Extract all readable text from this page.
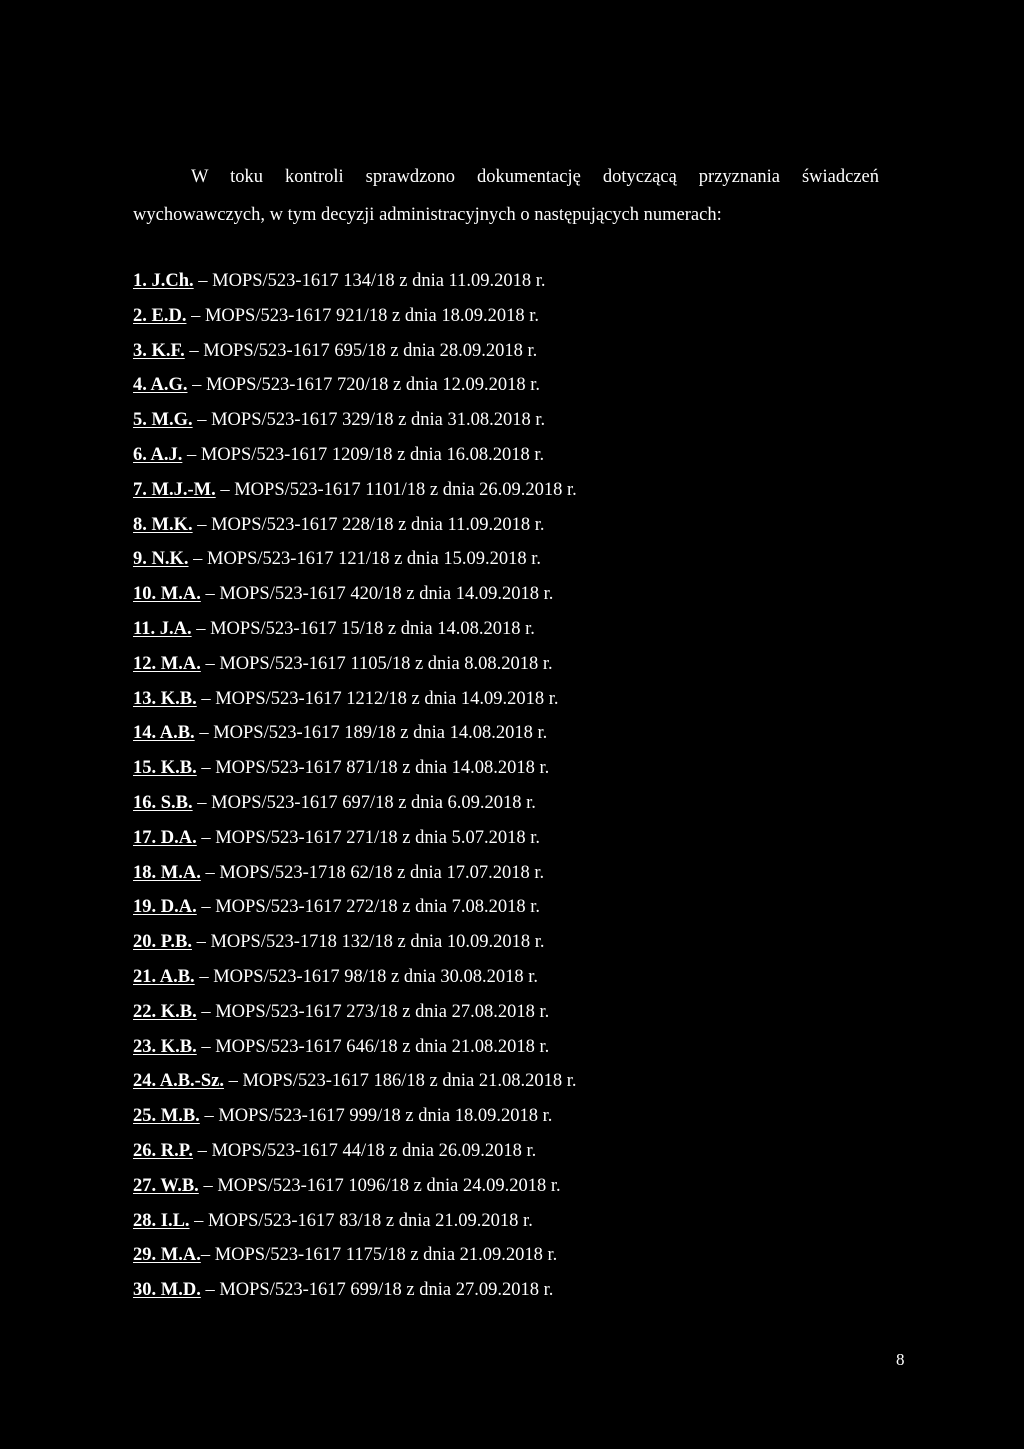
W toku kontroli sprawdzono dokumentację dotyczącą przyznania świadczeń
wychowawczych, w tym decyzji administracyjnych o następujących numerach:

1. J.Ch. – MOPS/523-1617 134/18 z dnia 11.09.2018 r.
2. E.D. – MOPS/523-1617 921/18 z dnia 18.09.2018 r.
3. K.F. – MOPS/523-1617 695/18 z dnia 28.09.2018 r.
4. A.G. – MOPS/523-1617 720/18 z dnia 12.09.2018 r.
5. M.G. – MOPS/523-1617 329/18 z dnia 31.08.2018 r.
6. A.J. – MOPS/523-1617 1209/18 z dnia 16.08.2018 r.
7. M.J.-M. – MOPS/523-1617 1101/18 z dnia 26.09.2018 r.
8. M.K. – MOPS/523-1617 228/18 z dnia 11.09.2018 r.
9. N.K. – MOPS/523-1617 121/18 z dnia 15.09.2018 r.
10. M.A. – MOPS/523-1617 420/18 z dnia 14.09.2018 r.
11. J.A. – MOPS/523-1617 15/18 z dnia 14.08.2018 r.
12. M.A. – MOPS/523-1617 1105/18 z dnia 8.08.2018 r.
13. K.B. – MOPS/523-1617 1212/18 z dnia 14.09.2018 r.
14. A.B. – MOPS/523-1617 189/18 z dnia 14.08.2018 r.
15. K.B. – MOPS/523-1617 871/18 z dnia 14.08.2018 r.
16. S.B. – MOPS/523-1617 697/18 z dnia 6.09.2018 r.
17. D.A. – MOPS/523-1617 271/18 z dnia 5.07.2018 r.
18. M.A. – MOPS/523-1718 62/18 z dnia 17.07.2018 r.
19. D.A. – MOPS/523-1617 272/18 z dnia 7.08.2018 r.
20. P.B. – MOPS/523-1718 132/18 z dnia 10.09.2018 r.
21. A.B. – MOPS/523-1617 98/18 z dnia 30.08.2018 r.
22. K.B. – MOPS/523-1617 273/18 z dnia 27.08.2018 r.
23. K.B. – MOPS/523-1617 646/18 z dnia 21.08.2018 r.
24. A.B.-Sz. – MOPS/523-1617 186/18 z dnia 21.08.2018 r.
25. M.B. – MOPS/523-1617 999/18 z dnia 18.09.2018 r.
26. R.P. – MOPS/523-1617 44/18 z dnia 26.09.2018 r.
27. W.B. – MOPS/523-1617 1096/18 z dnia 24.09.2018 r.
28. I.L. – MOPS/523-1617 83/18 z dnia 21.09.2018 r.
29. M.A.– MOPS/523-1617 1175/18 z dnia 21.09.2018 r.
30. M.D. – MOPS/523-1617 699/18 z dnia 27.09.2018 r.
8
